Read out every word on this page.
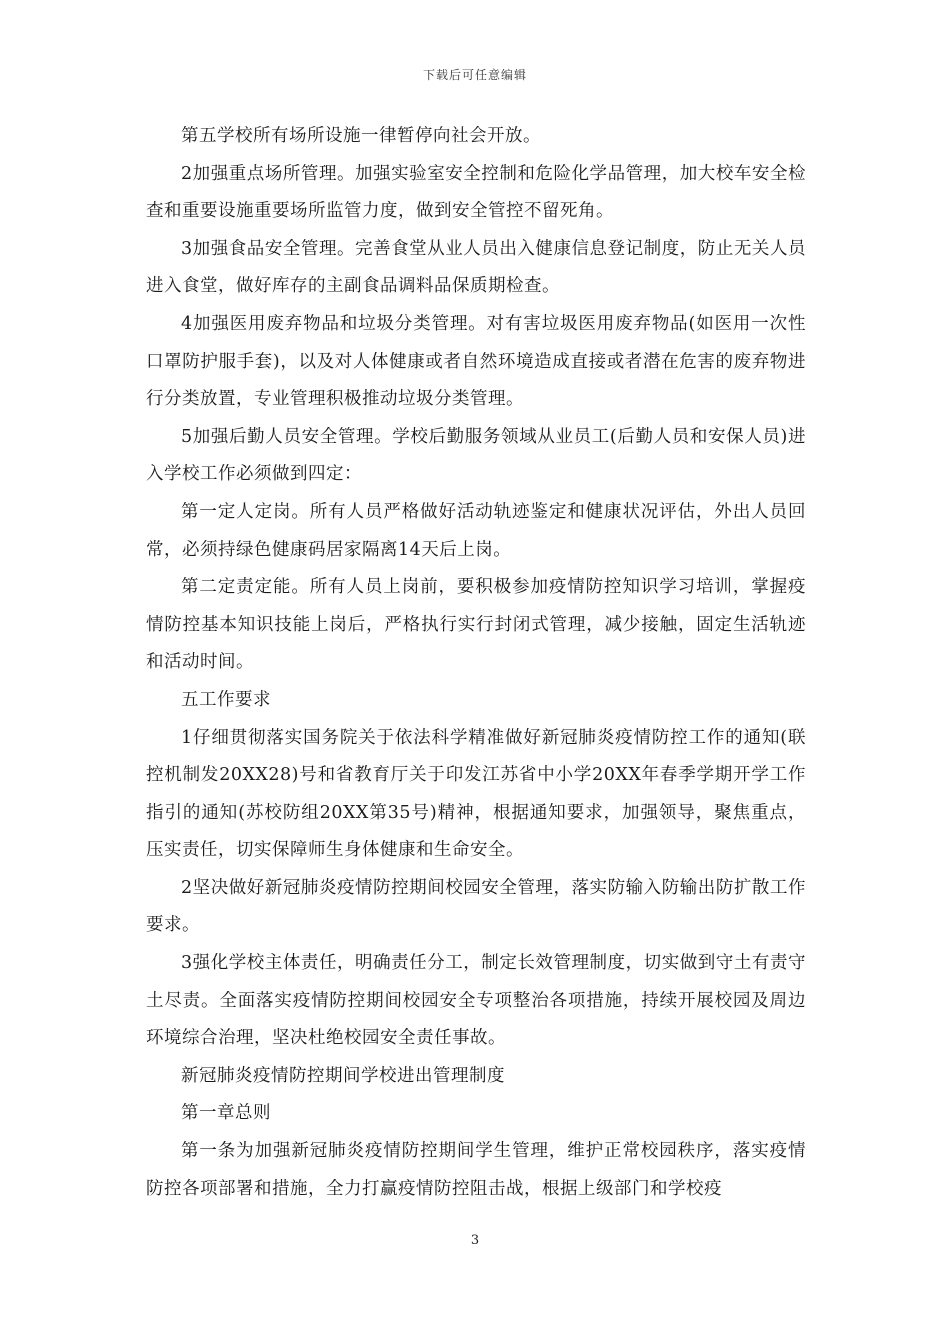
下载后可任意编辑

第五学校所有场所设施一律暂停向社会开放。

2加强重点场所管理。加强实验室安全控制和危险化学品管理，加大校车安全检查和重要设施重要场所监管力度，做到安全管控不留死角。

3加强食品安全管理。完善食堂从业人员出入健康信息登记制度，防止无关人员进入食堂，做好库存的主副食品调料品保质期检查。

4加强医用废弃物品和垃圾分类管理。对有害垃圾医用废弃物品(如医用一次性口罩防护服手套)，以及对人体健康或者自然环境造成直接或者潜在危害的废弃物进行分类放置，专业管理积极推动垃圾分类管理。

5加强后勤人员安全管理。学校后勤服务领域从业员工(后勤人员和安保人员)进入学校工作必须做到四定：

第一定人定岗。所有人员严格做好活动轨迹鉴定和健康状况评估，外出人员回常，必须持绿色健康码居家隔离14天后上岗。

第二定责定能。所有人员上岗前，要积极参加疫情防控知识学习培训，掌握疫情防控基本知识技能上岗后，严格执行实行封闭式管理，减少接触，固定生活轨迹和活动时间。

五工作要求

1仔细贯彻落实国务院关于依法科学精准做好新冠肺炎疫情防控工作的通知(联控机制发20XX28)号和省教育厅关于印发江苏省中小学20XX年春季学期开学工作指引的通知(苏校防组20XX第35号)精神，根据通知要求，加强领导，聚焦重点，压实责任，切实保障师生身体健康和生命安全。

2坚决做好新冠肺炎疫情防控期间校园安全管理，落实防输入防输出防扩散工作要求。

3强化学校主体责任，明确责任分工，制定长效管理制度，切实做到守土有责守土尽责。全面落实疫情防控期间校园安全专项整治各项措施，持续开展校园及周边环境综合治理，坚决杜绝校园安全责任事故。

新冠肺炎疫情防控期间学校进出管理制度

第一章总则

第一条为加强新冠肺炎疫情防控期间学生管理，维护正常校园秩序，落实疫情防控各项部署和措施，全力打赢疫情防控阻击战，根据上级部门和学校疫

3
